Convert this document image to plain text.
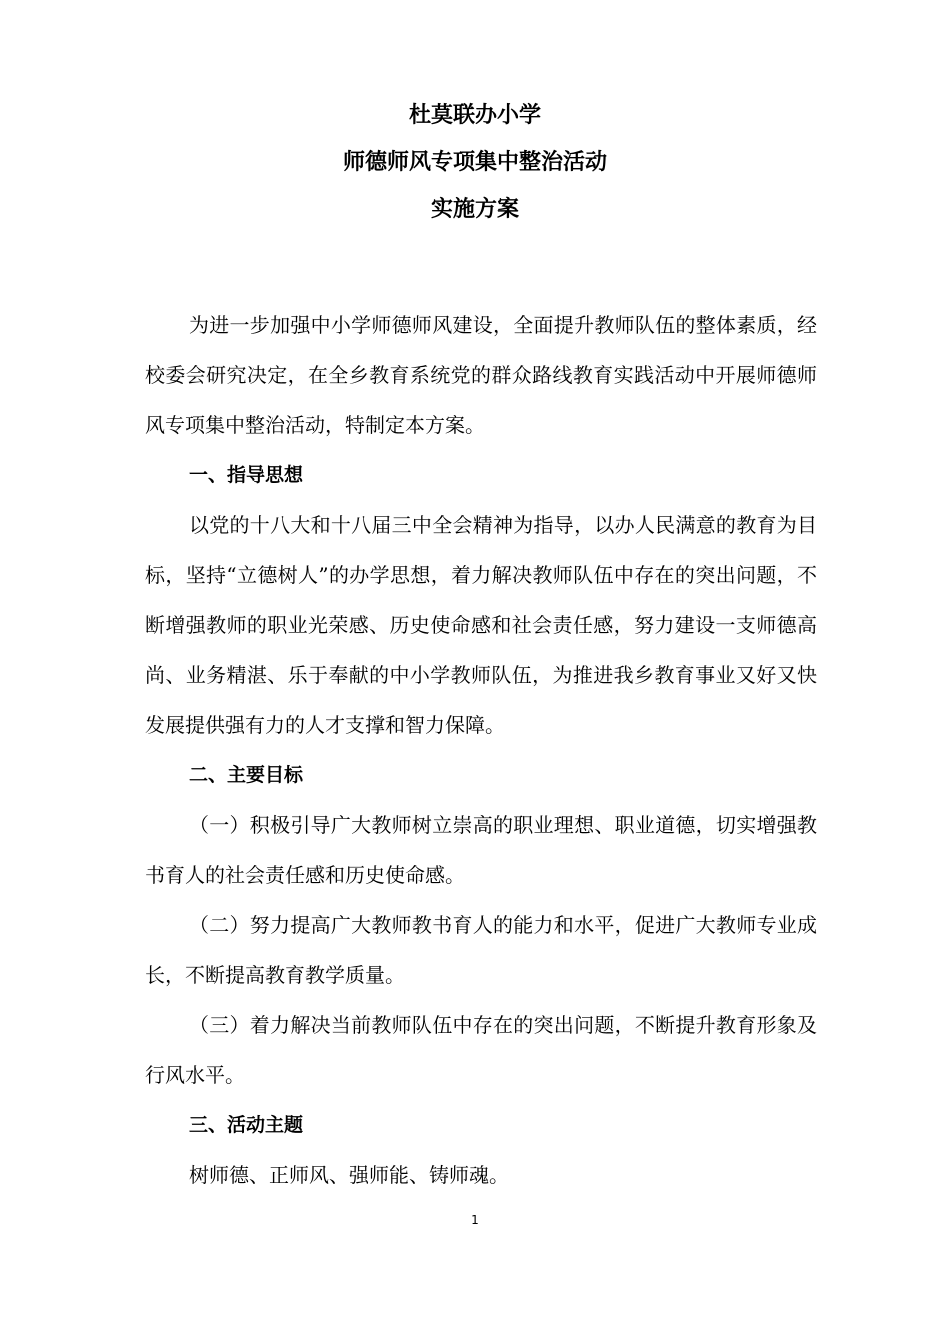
杜莫联办小学
师德师风专项集中整治活动
实施方案

为进一步加强中小学师德师风建设，全面提升教师队伍的整体素质，经校委会研究决定，在全乡教育系统党的群众路线教育实践活动中开展师德师风专项集中整治活动，特制定本方案。

一、指导思想

以党的十八大和十八届三中全会精神为指导，以办人民满意的教育为目标，坚持“立德树人”的办学思想，着力解决教师队伍中存在的突出问题，不断增强教师的职业光荣感、历史使命感和社会责任感，努力建设一支师德高尚、业务精湛、乐于奉献的中小学教师队伍，为推进我乡教育事业又好又快发展提供强有力的人才支撑和智力保障。

二、主要目标

（一）积极引导广大教师树立崇高的职业理想、职业道德，切实增强教书育人的社会责任感和历史使命感。

（二）努力提高广大教师教书育人的能力和水平，促进广大教师专业成长，不断提高教育教学质量。

（三）着力解决当前教师队伍中存在的突出问题，不断提升教育形象及行风水平。

三、活动主题

树师德、正师风、强师能、铸师魂。

1
